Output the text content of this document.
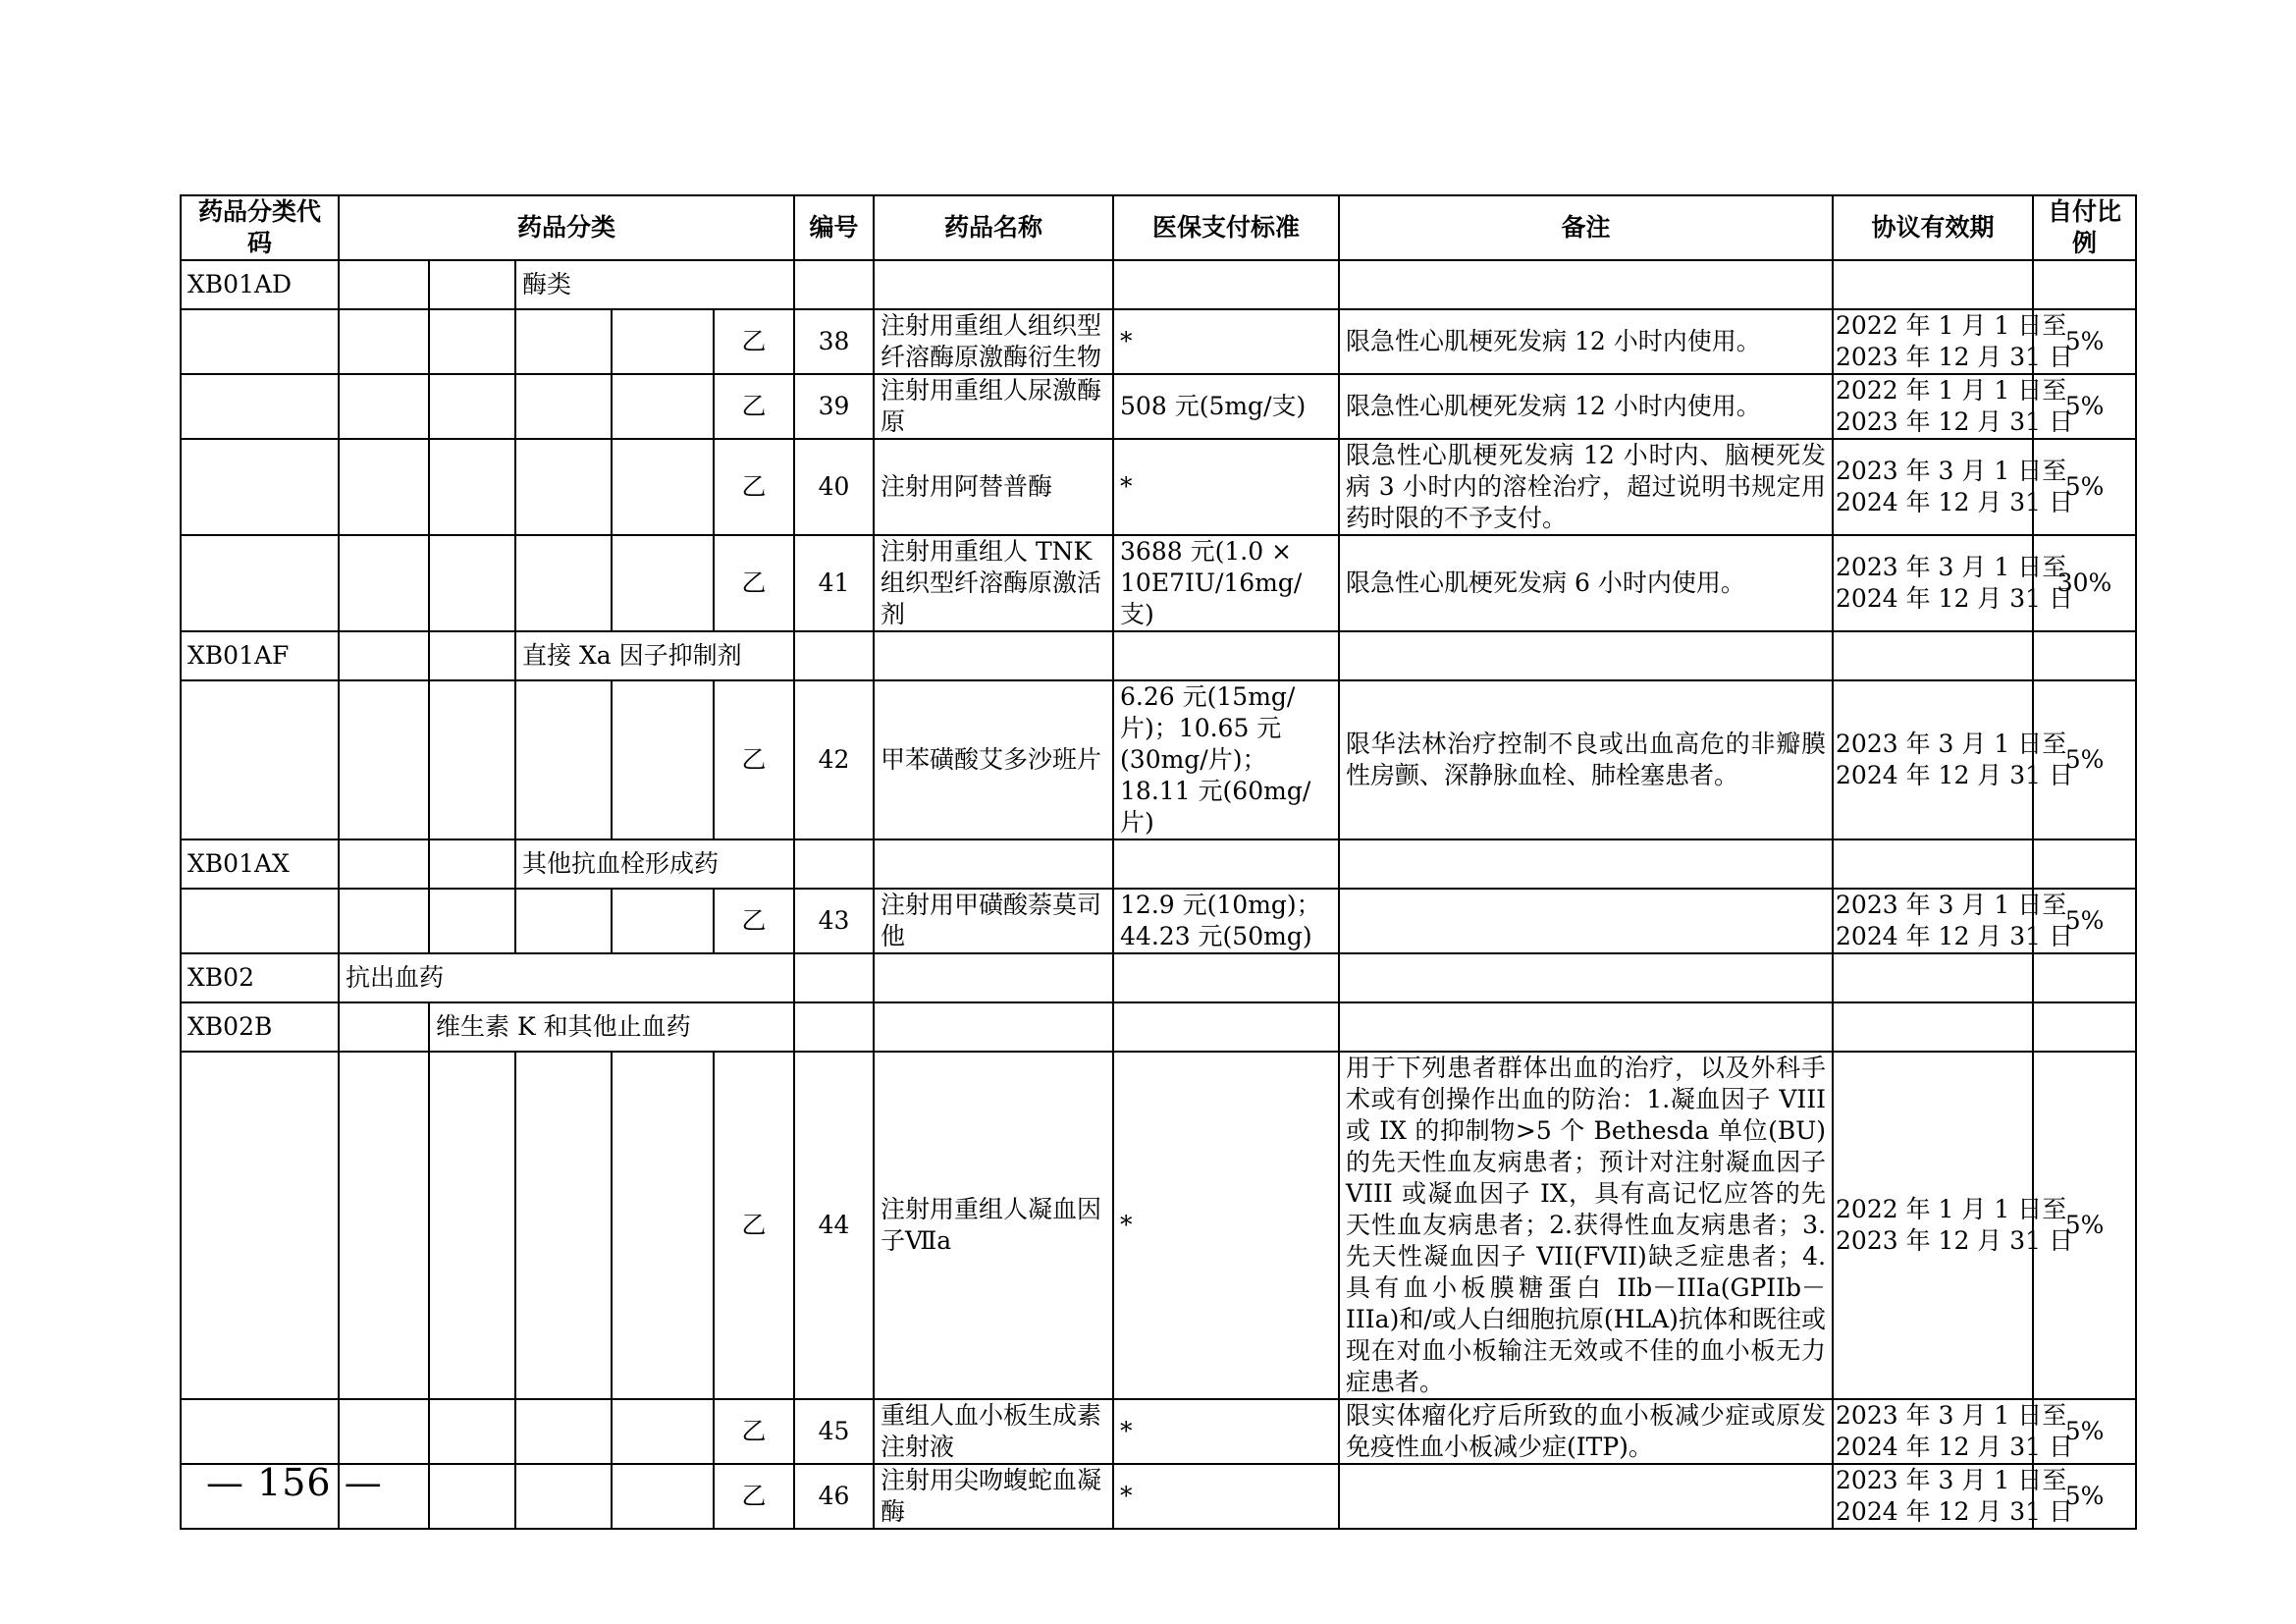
药品分类代码	药品分类					编号	药品名称	医保支付标准	备注	协议有效期	自付比例
XB01AD			酶类								
					乙	38	注射用重组人组织型纤溶酶原激酶衍生物	*	限急性心肌梗死发病 12 小时内使用。	2022 年 1 月 1 日至
2023 年 12 月 31 日	5%
					乙	39	注射用重组人尿激酶原	508 元(5mg/支)	限急性心肌梗死发病 12 小时内使用。	2022 年 1 月 1 日至
2023 年 12 月 31 日	5%
					乙	40	注射用阿替普酶	*	限急性心肌梗死发病 12 小时内、脑梗死发病 3 小时内的溶栓治疗，超过说明书规定用药时限的不予支付。	2023 年 3 月 1 日至
2024 年 12 月 31 日	5%
					乙	41	注射用重组人 TNK 组织型纤溶酶原激活剂	3688 元(1.0 × 10E7IU/16mg/支)	限急性心肌梗死发病 6 小时内使用。	2023 年 3 月 1 日至
2024 年 12 月 31 日	30%
XB01AF			直接 Xa 因子抑制剂								
					乙	42	甲苯磺酸艾多沙班片	6.26 元(15mg/片)；10.65 元(30mg/片)；18.11 元(60mg/片)	限华法林治疗控制不良或出血高危的非瓣膜性房颤、深静脉血栓、肺栓塞患者。	2023 年 3 月 1 日至
2024 年 12 月 31 日	5%
XB01AX			其他抗血栓形成药								
					乙	43	注射用甲磺酸萘莫司他	12.9 元(10mg)；44.23 元(50mg)		2023 年 3 月 1 日至
2024 年 12 月 31 日	5%
XB02	抗出血药										
XB02B		维生素 K 和其他止血药									
					乙	44	注射用重组人凝血因子Ⅶa	*	用于下列患者群体出血的治疗，以及外科手术或有创操作出血的防治：1.凝血因子 VIII 或 IX 的抑制物>5 个 Bethesda 单位(BU)的先天性血友病患者；预计对注射凝血因子 VIII 或凝血因子 IX，具有高记忆应答的先天性血友病患者；2.获得性血友病患者；3.先天性凝血因子 VII(FVII)缺乏症患者；4.具有血小板膜糖蛋白 IIb－IIIa(GPIIb－IIIa)和/或人白细胞抗原(HLA)抗体和既往或现在对血小板输注无效或不佳的血小板无力症患者。	2022 年 1 月 1 日至
2023 年 12 月 31 日	5%
					乙	45	重组人血小板生成素注射液	*	限实体瘤化疗后所致的血小板减少症或原发免疫性血小板减少症(ITP)。	2023 年 3 月 1 日至
2024 年 12 月 31 日	5%
					乙	46	注射用尖吻蝮蛇血凝酶	*		2023 年 3 月 1 日至
2024 年 12 月 31 日	5%
— 156 —
